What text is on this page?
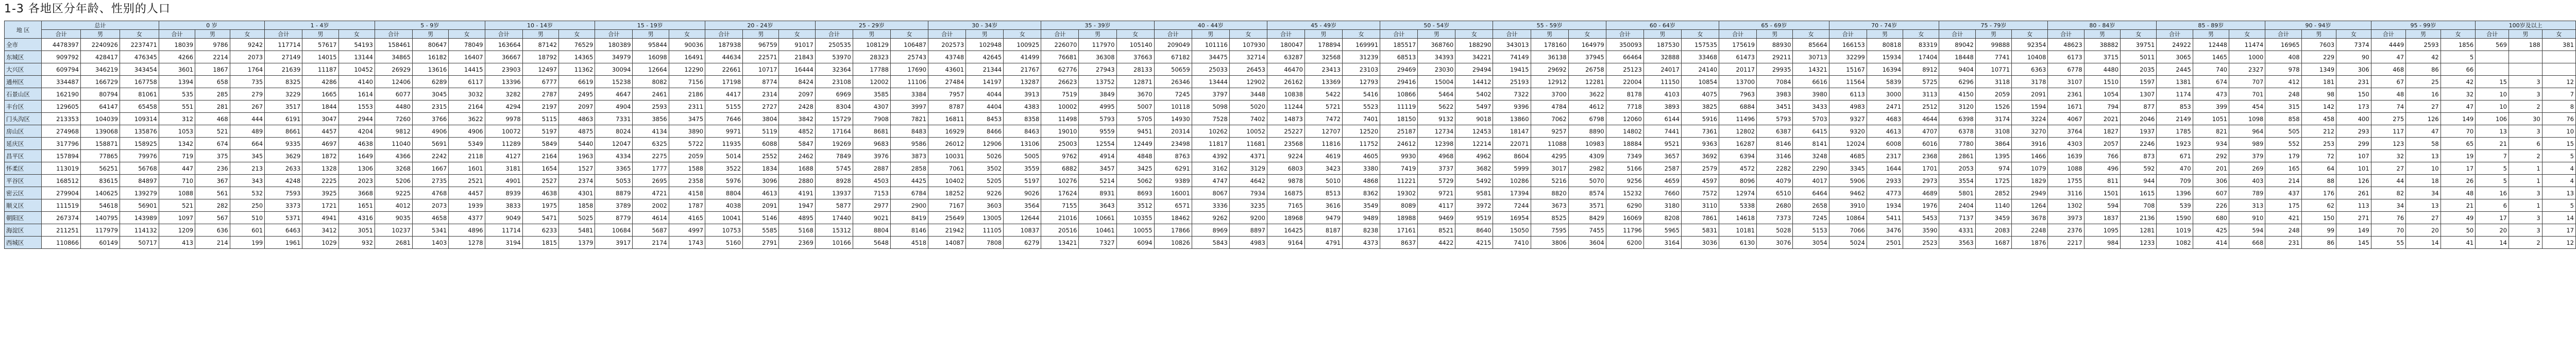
1-3 各地区分年龄、性别的人口
地 区	总计	0 岁	1 - 4岁	5 - 9岁	10 - 14岁	15 - 19岁	20 - 24岁	25 - 29岁	30 - 34岁	35 - 39岁	40 - 44岁	45 - 49岁	50 - 54岁	55 - 59岁	60 - 64岁	65 - 69岁	70 - 74岁	75 - 79岁	80 - 84岁	85 - 89岁	90 - 94岁	95 - 99岁	100岁及以上
合计	男	女	合计	男	女	合计	男	女	合计	男	女	合计	男	女	合计	男	女	合计	男	女	合计	男	女	合计	男	女	合计	男	女	合计	男	女	合计	男	女	合计	男	女	合计	男	女	合计	男	女	合计	男	女	合计	男	女	合计	男	女	合计	男	女	合计	男	女	合计	男	女	合计	男	女	合计	男	女
全市	4478397	2240926	2237471	18039	9786	9242	117714	57617	54193	158461	80647	78049	163664	87142	76529	180389	95844	90036	187938	96759	91017	250535	108129	106487	202573	102948	100925	226070	117970	105140	209049	101116	107930	180047	178894	169991	185517	368760	188290	343013	178160	164979	350093	187530	157535	175619	88930	85664	166153	80818	83319	89042	99888	92354	48623	38882	39751	24922	12448	11474	16965	7603	7374	4449	2593	1856	569	188	381
东城区	909792	428417	476345	4266	2214	2073	27149	14015	13144	34865	16182	16407	36667	18792	14365	34979	16098	16491	44634	22571	21843	53970	28323	25743	43748	42645	41499	76681	36308	37663	67182	34475	32714	63287	32568	31239	68513	34393	34221	74149	36138	37945	66464	32888	33468	61473	29211	30713	32299	15934	17404	18448	7741	10408	6173	3715	5011	3065	1465	1000	408	229	90	47	42	5			
大兴区	609794	346219	343454	3601	1867	1764	21639	11187	10452	26929	13616	14415	23903	12497	11362	30094	12664	12290	22661	10717	16444	32364	17788	17690	43601	21344	21767	62776	27943	28133	50659	25033	26453	46470	23413	23103	29469	23030	29494	19415	29692	26758	25123	24017	24140	20117	29935	14321	15167	16394	8912	9404	10771	6363	6778	4480	2035	2445	740	2327	978	1349	306	468	86	66			
通州区	334487	166729	167758	1394	658	735	8325	4286	4140	12406	6289	6117	13396	6777	6619	15238	8082	7156	17198	8774	8424	23108	12002	11106	27484	14197	13287	26623	13752	12871	26346	13444	12902	26162	13369	12793	29416	15004	14412	25193	12912	12281	22004	11150	10854	13700	7084	6616	11564	5839	5725	6296	3118	3178	3107	1510	1597	1381	674	707	412	181	231	67	25	42	15	3	12
石景山区	162190	80794	81061	535	285	279	3229	1665	1614	6077	3045	3032	3282	2787	2495	4647	2461	2186	4417	2314	2097	6969	3585	3384	7957	4044	3913	7519	3849	3670	7245	3797	3448	10838	5422	5416	10866	5464	5402	7322	3700	3622	8178	4103	4075	7963	3983	3980	6113	3000	3113	4150	2059	2091	2361	1054	1307	1174	473	701	248	98	150	48	16	32	10	3	7
丰台区	129605	64147	65458	551	281	267	3517	1844	1553	4480	2315	2164	4294	2197	2097	4904	2593	2311	5155	2727	2428	8304	4307	3997	8787	4404	4383	10002	4995	5007	10118	5098	5020	11244	5721	5523	11119	5622	5497	9396	4784	4612	7718	3893	3825	6884	3451	3433	4983	2471	2512	3120	1526	1594	1671	794	877	853	399	454	315	142	173	74	27	47	10	2	8
门头沟区	213353	104039	109314	312	468	444	6191	3047	2944	7260	3766	3622	9978	5115	4863	7331	3856	3475	7646	3804	3842	15729	7908	7821	16811	8453	8358	11498	5793	5705	14930	7528	7402	14873	7472	7401	18150	9132	9018	13860	7062	6798	12060	6144	5916	11496	5793	5703	9327	4683	4644	6398	3174	3224	4067	2021	2046	2149	1051	1098	858	458	400	275	126	149	106	30	76
房山区	274968	139068	135876	1053	521	489	8661	4457	4204	9812	4906	4906	10072	5197	4875	8024	4134	3890	9971	5119	4852	17164	8681	8483	16929	8466	8463	19010	9559	9451	20314	10262	10052	25227	12707	12520	25187	12734	12453	18147	9257	8890	14802	7441	7361	12802	6387	6415	9320	4613	4707	6378	3108	3270	3764	1827	1937	1785	821	964	505	212	293	117	47	70	13	3	10
延庆区	317796	158871	158925	1342	674	664	9335	4697	4638	11040	5691	5349	11289	5849	5440	12047	6325	5722	11935	6088	5847	19269	9683	9586	26012	12906	13106	25003	12554	12449	23498	11817	11681	23568	11816	11752	24612	12398	12214	22071	11088	10983	18884	9521	9363	16287	8146	8141	12024	6008	6016	7780	3864	3916	4303	2057	2246	1923	934	989	552	253	299	123	58	65	21	6	15
昌平区	157894	77865	79976	719	375	345	3629	1872	1649	4366	2242	2118	4127	2164	1963	4334	2275	2059	5014	2552	2462	7849	3976	3873	10031	5026	5005	9762	4914	4848	8763	4392	4371	9224	4619	4605	9930	4968	4962	8604	4295	4309	7349	3657	3692	6394	3146	3248	4685	2317	2368	2861	1395	1466	1639	766	873	671	292	379	179	72	107	32	13	19	7	2	5
怀柔区	113019	56251	56768	447	236	213	2633	1328	1306	3268	1667	1601	3181	1654	1527	3365	1777	1588	3522	1834	1688	5745	2887	2858	7061	3502	3559	6882	3457	3425	6291	3162	3129	6803	3423	3380	7419	3737	3682	5999	3017	2982	5166	2587	2579	4572	2282	2290	3345	1644	1701	2053	974	1079	1088	496	592	470	201	269	165	64	101	27	10	17	5	1	4
平谷区	168512	83615	84897	710	367	343	4248	2225	2023	5206	2735	2521	4901	2527	2374	5053	2695	2358	5976	3096	2880	8928	4503	4425	10402	5205	5197	10276	5214	5062	9389	4747	4642	9878	5010	4868	11221	5729	5492	10286	5216	5070	9256	4659	4597	8096	4079	4017	5906	2933	2973	3554	1725	1829	1755	811	944	709	306	403	214	88	126	44	18	26	5	1	4
密云区	279904	140625	139279	1088	561	532	7593	3925	3668	9225	4768	4457	8939	4638	4301	8879	4721	4158	8804	4613	4191	13937	7153	6784	18252	9226	9026	17624	8931	8693	16001	8067	7934	16875	8513	8362	19302	9721	9581	17394	8820	8574	15232	7660	7572	12974	6510	6464	9462	4773	4689	5801	2852	2949	3116	1501	1615	1396	607	789	437	176	261	82	34	48	16	3	13
顺义区	111519	54618	56901	521	282	250	3373	1721	1651	4012	2073	1939	3833	1975	1858	3789	2002	1787	4038	2091	1947	5877	2977	2900	7167	3603	3564	7155	3643	3512	6571	3336	3235	7165	3616	3549	8089	4117	3972	7244	3673	3571	6290	3180	3110	5338	2680	2658	3910	1934	1976	2404	1140	1264	1302	594	708	539	226	313	175	62	113	34	13	21	6	1	5
朝阳区	267374	140795	143989	1097	567	510	5371	4941	4316	9035	4658	4377	9049	5471	5025	8779	4614	4165	10041	5146	4895	17440	9021	8419	25649	13005	12644	21016	10661	10355	18462	9262	9200	18968	9479	9489	18988	9469	9519	16954	8525	8429	16069	8208	7861	14618	7373	7245	10864	5411	5453	7137	3459	3678	3973	1837	2136	1590	680	910	421	150	271	76	27	49	17	3	14
海淀区	211251	117979	114132	1209	636	601	6463	3412	3051	10237	5341	4896	11714	6233	5481	10684	5687	4997	10753	5585	5168	15312	8804	8146	21942	11105	10837	20516	10461	10055	17866	8969	8897	16425	8187	8238	17161	8521	8640	15050	7595	7455	11796	5965	5831	10181	5028	5153	7066	3476	3590	4331	2083	2248	2376	1095	1281	1019	425	594	248	99	149	70	20	50	20	3	17
西城区	110866	60149	50717	413	214	199	1961	1029	932	2681	1403	1278	3194	1815	1379	3917	2174	1743	5160	2791	2369	10166	5648	4518	14087	7808	6279	13421	7327	6094	10826	5843	4983	9164	4791	4373	8637	4422	4215	7410	3806	3604	6200	3164	3036	6130	3076	3054	5024	2501	2523	3563	1687	1876	2217	984	1233	1082	414	668	231	86	145	55	14	41	14	2	12
